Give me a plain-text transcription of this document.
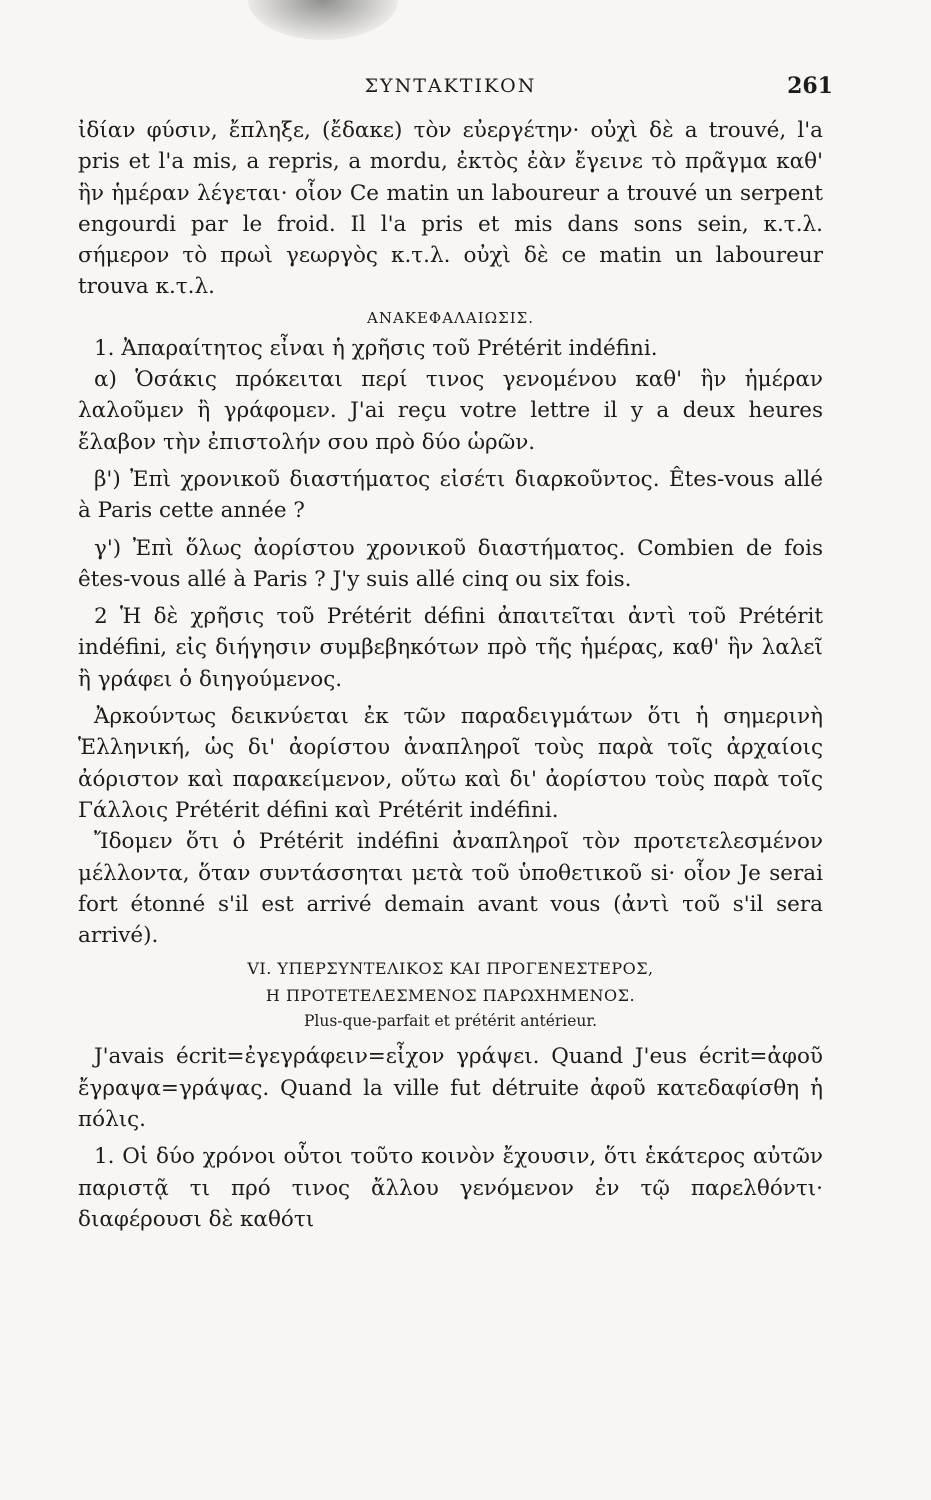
ΣΥΝΤΑΚΤΙΚΟΝ	261

ἰδίαν φύσιν, ἔπληξε, (ἔδακε) τὸν εὐεργέτην· οὐχὶ δὲ a trouvé, l'a pris et l'a mis, a repris, a mordu, ἐκτὸς ἐὰν ἔγεινε τὸ πρᾶγμα καθ' ἣν ἡμέραν λέγεται· οἷον Ce matin un laboureur a trouvé un serpent engourdi par le froid. Il l'a pris et mis dans sons sein, κ.τ.λ. σήμερον τὸ πρωὶ γεωργὸς κ.τ.λ. οὐχὶ δὲ ce matin un laboureur trouva κ.τ.λ.

ΑΝΑΚΕΦΑΛΑΙΩΣΙΣ.

1. Ἀπαραίτητος εἶναι ἡ χρῆσις τοῦ Prétérit indéfini.

α) Ὁσάκις πρόκειται περί τινος γενομένου καθ' ἣν ἡμέραν λαλοῦμεν ἢ γράφομεν. J'ai reçu votre lettre il y a deux heures ἔλαβον τὴν ἐπιστολήν σου πρὸ δύο ὡρῶν.

β') Ἐπὶ χρονικοῦ διαστήματος εἰσέτι διαρκοῦντος. Êtes-vous allé à Paris cette année ?

γ') Ἐπὶ ὅλως ἀορίστου χρονικοῦ διαστήματος. Combien de fois êtes-vous allé à Paris ? J'y suis allé cinq ou six fois.

2 Ἡ δὲ χρῆσις τοῦ Prétérit défini ἀπαιτεῖται ἀντὶ τοῦ Prétérit indéfini, εἰς διήγησιν συμβεβηκότων πρὸ τῆς ἡμέρας, καθ' ἣν λαλεῖ ἢ γράφει ὁ διηγούμενος.

Ἀρκούντως δεικνύεται ἐκ τῶν παραδειγμάτων ὅτι ἡ σημερινὴ Ἑλληνική, ὡς δι' ἀορίστου ἀναπληροῖ τοὺς παρὰ τοῖς ἀρχαίοις ἀόριστον καὶ παρακείμενον, οὕτω καὶ δι' ἀορίστου τοὺς παρὰ τοῖς Γάλλοις Prétérit défini καὶ Prétérit indéfini.

Ἴδομεν ὅτι ὁ Prétérit indéfini ἀναπληροῖ τὸν προτετελεσμένον μέλλοντα, ὅταν συντάσσηται μετὰ τοῦ ὑποθετικοῦ si· οἷον Je serai fort étonné s'il est arrivé demain avant vous (ἀντὶ τοῦ s'il sera arrivé).

VI. ΥΠΕΡΣΥΝΤΕΛΙΚΟΣ ΚΑΙ ΠΡΟΓΕΝΕΣΤΕΡΟΣ,
Η ΠΡΟΤΕΤΕΛΕΣΜΕΝΟΣ ΠΑΡΩΧΗΜΕΝΟΣ.
Plus-que-parfait et prétérit antérieur.

J'avais écrit=ἐγεγράφειν=εἶχον γράψει. Quand J'eus écrit=ἀφοῦ ἔγραψα=γράψας. Quand la ville fut détruite ἀφοῦ κατεδαφίσθη ἡ πόλις.

1. Οἱ δύο χρόνοι οὗτοι τοῦτο κοινὸν ἔχουσιν, ὅτι ἑκάτερος αὐτῶν παριστᾷ τι πρό τινος ἄλλου γενόμενον ἐν τῷ παρελθόντι· διαφέρουσι δὲ καθότι
